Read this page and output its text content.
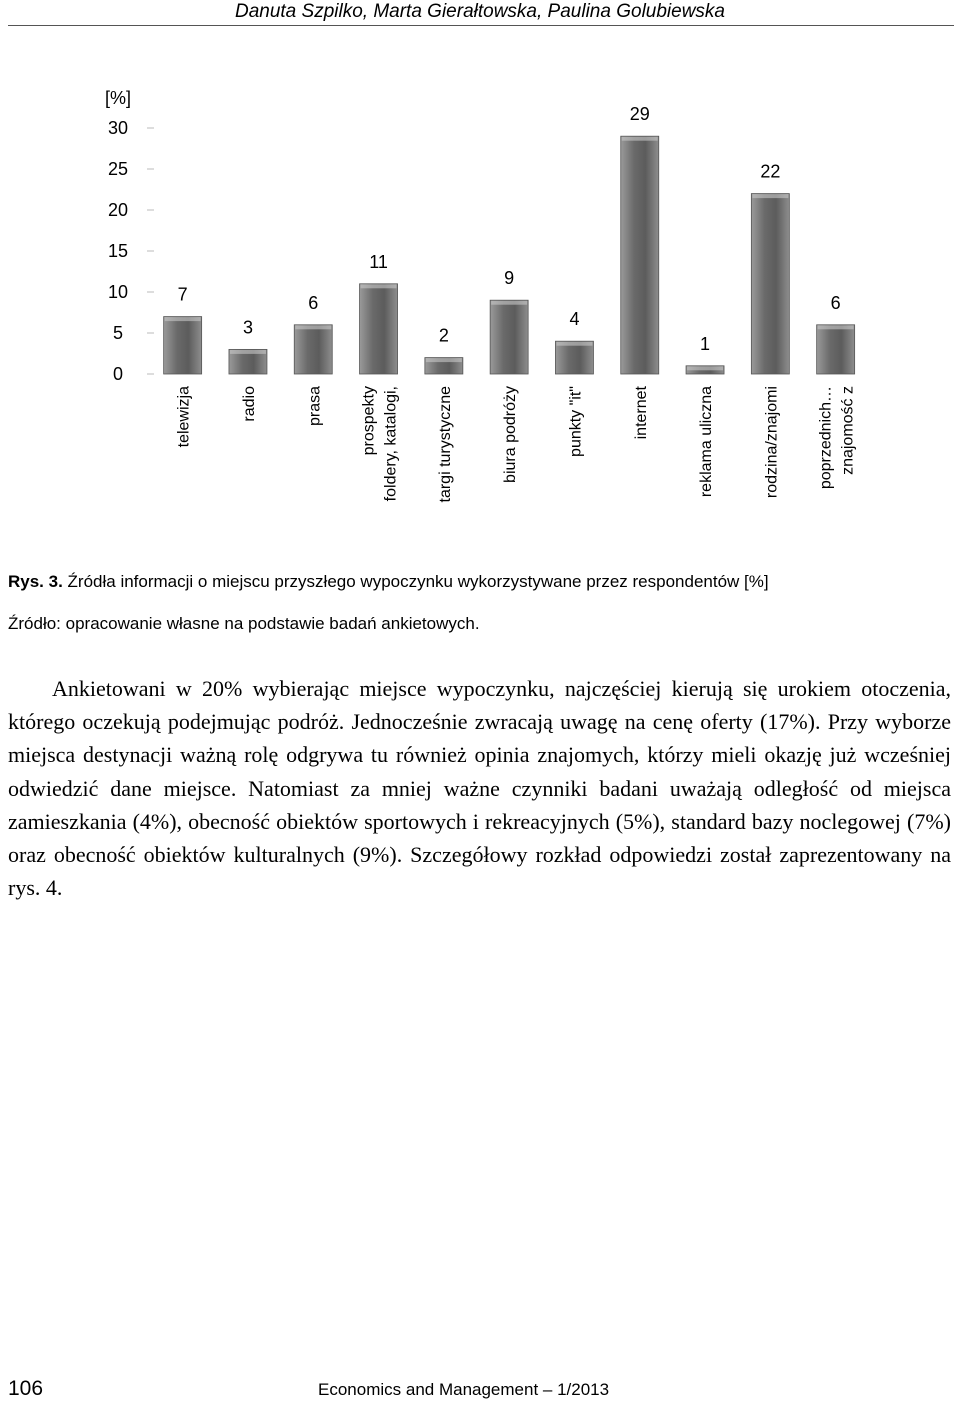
Danuta Szpilko, Marta Gierałtowska, Paulina Golubiewska
[%]
0
5
10
15
20
25
30
7
3
6
11
2
9
4
29
1
22
6
telewizja	radio	prasa	foldery, katalogi,prospekty	targi turystyczne	biura podróży	punkty "it"	internet	reklama uliczna	rodzina/znajomi	znajomość zpoprzednich…
Rys. 3. Źródła informacji o miejscu przyszłego wypoczynku wykorzystywane przez respondentów [%]
Źródło: opracowanie własne na podstawie badań ankietowych.

Ankietowani w 20% wybierając miejsce wypoczynku, najczęściej kierują się urokiem otoczenia, którego oczekują podejmując podróż. Jednocześnie zwracają uwagę na cenę oferty (17%). Przy wyborze miejsca destynacji ważną rolę odgrywa tu również opinia znajomych, którzy mieli okazję już wcześniej odwiedzić dane miejsce. Natomiast za mniej ważne czynniki badani uważają odległość od miejsca zamieszkania (4%), obecność obiektów sportowych i rekreacyjnych (5%), standard bazy noclegowej (7%) oraz obecność obiektów kulturalnych (9%). Szczegółowy rozkład odpowiedzi został zaprezentowany na rys. 4.

106	Economics and Management – 1/2013
